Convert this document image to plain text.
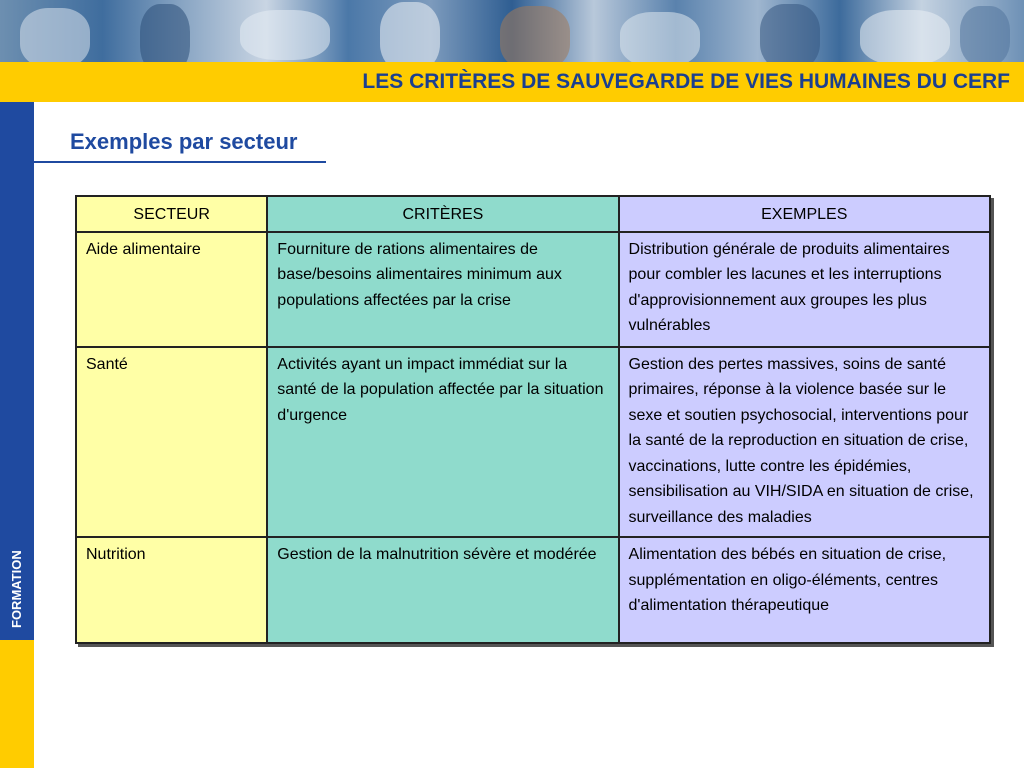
LES CRITÈRES DE SAUVEGARDE DE VIES HUMAINES DU CERF
FORMATION
Exemples par secteur
SECTEUR	CRITÈRES	EXEMPLES
Aide alimentaire	Fourniture de rations alimentaires de base/besoins alimentaires minimum aux populations affectées par la crise	Distribution générale de produits alimentaires pour combler les lacunes et les interruptions d'approvisionnement aux groupes les plus vulnérables
Santé	Activités ayant un impact immédiat sur la santé de la population affectée par la situation d'urgence	Gestion des pertes massives, soins de santé primaires, réponse à la violence basée sur le sexe et soutien psychosocial, interventions pour la santé de la reproduction en situation de crise, vaccinations, lutte contre les épidémies, sensibilisation au VIH/SIDA en situation de crise, surveillance des maladies
Nutrition	Gestion de la malnutrition sévère et modérée	Alimentation des bébés en situation de crise, supplémentation en oligo-éléments, centres d'alimentation thérapeutique
